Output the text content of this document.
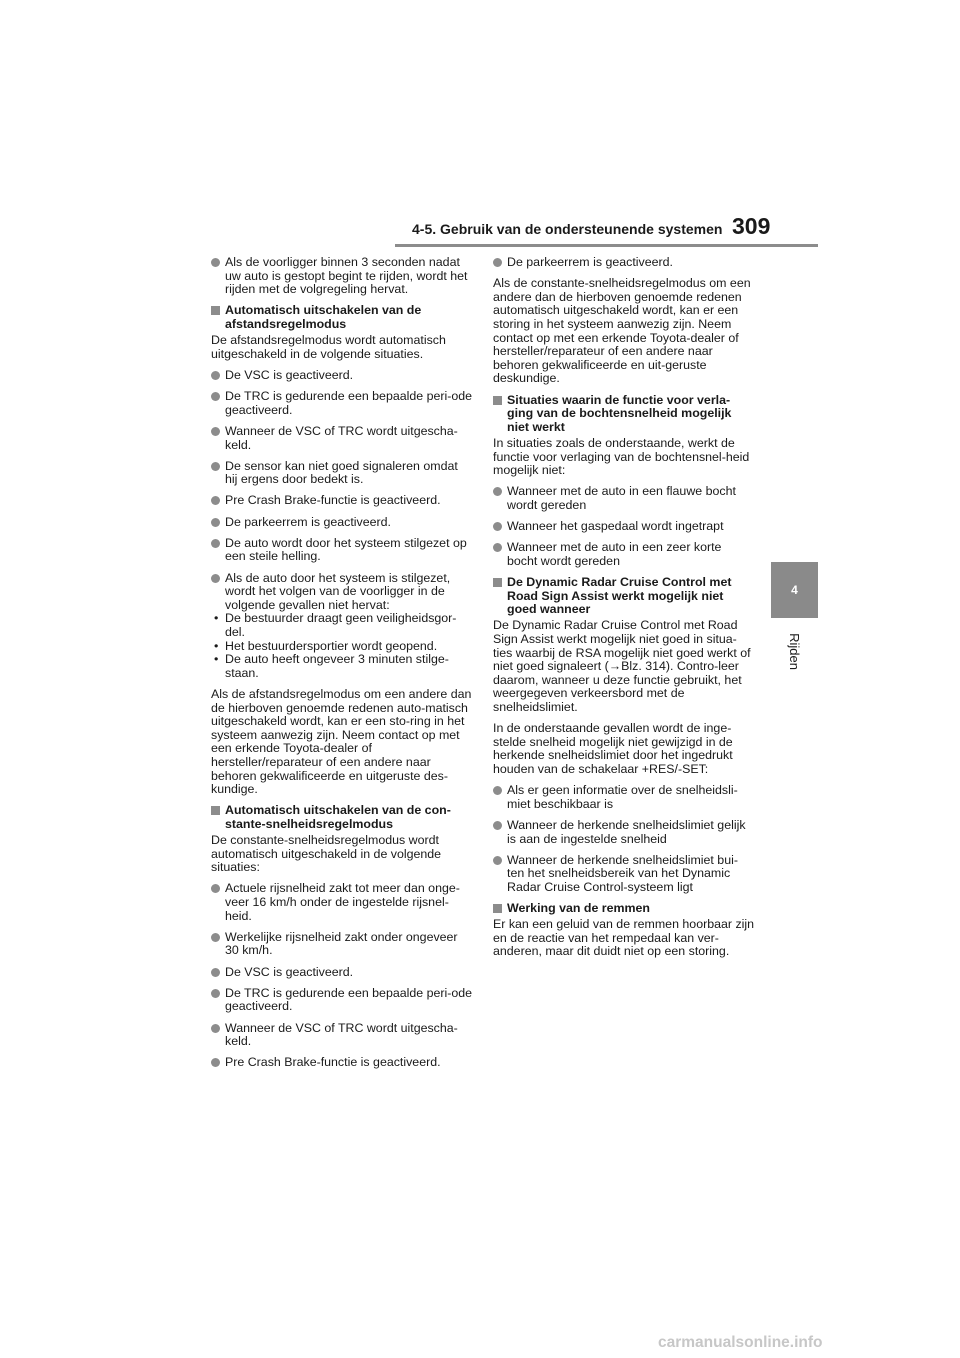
4-5. Gebruik van de ondersteunende systemen 309
4
Rijden
Als de voorligger binnen 3 seconden nadat uw auto is gestopt begint te rijden, wordt het rijden met de volgregeling hervat.
Automatisch uitschakelen van de afstandsregelmodus
De afstandsregelmodus wordt automatisch uitgeschakeld in de volgende situaties.
De VSC is geactiveerd.
De TRC is gedurende een bepaalde peri-ode geactiveerd.
Wanneer de VSC of TRC wordt uitgescha-keld.
De sensor kan niet goed signaleren omdat hij ergens door bedekt is.
Pre Crash Brake-functie is geactiveerd.
De parkeerrem is geactiveerd.
De auto wordt door het systeem stilgezet op een steile helling.
Als de auto door het systeem is stilgezet, wordt het volgen van de voorligger in de volgende gevallen niet hervat:
• De bestuurder draagt geen veiligheidsgor-del.
• Het bestuurdersportier wordt geopend.
• De auto heeft ongeveer 3 minuten stilge-staan.
Als de afstandsregelmodus om een andere dan de hierboven genoemde redenen auto-matisch uitgeschakeld wordt, kan er een sto-ring in het systeem aanwezig zijn. Neem contact op met een erkende Toyota-dealer of hersteller/reparateur of een andere naar behoren gekwalificeerde en uitgeruste des-kundige.
Automatisch uitschakelen van de con-stante-snelheidsregelmodus
De constante-snelheidsregelmodus wordt automatisch uitgeschakeld in de volgende situaties:
Actuele rijsnelheid zakt tot meer dan onge-veer 16 km/h onder de ingestelde rijsnel-heid.
Werkelijke rijsnelheid zakt onder ongeveer 30 km/h.
De VSC is geactiveerd.
De TRC is gedurende een bepaalde peri-ode geactiveerd.
Wanneer de VSC of TRC wordt uitgescha-keld.
Pre Crash Brake-functie is geactiveerd.
De parkeerrem is geactiveerd.
Als de constante-snelheidsregelmodus om een andere dan de hierboven genoemde redenen automatisch uitgeschakeld wordt, kan er een storing in het systeem aanwezig zijn. Neem contact op met een erkende Toyota-dealer of hersteller/reparateur of een andere naar behoren gekwalificeerde en uit-geruste deskundige.
Situaties waarin de functie voor verla-ging van de bochtensnelheid mogelijk niet werkt
In situaties zoals de onderstaande, werkt de functie voor verlaging van de bochtensnel-heid mogelijk niet:
Wanneer met de auto in een flauwe bocht wordt gereden
Wanneer het gaspedaal wordt ingetrapt
Wanneer met de auto in een zeer korte bocht wordt gereden
De Dynamic Radar Cruise Control met Road Sign Assist werkt mogelijk niet goed wanneer
De Dynamic Radar Cruise Control met Road Sign Assist werkt mogelijk niet goed in situa-ties waarbij de RSA mogelijk niet goed werkt of niet goed signaleert (→Blz. 314). Contro-leer daarom, wanneer u deze functie gebruikt, het weergegeven verkeersbord met de snelheidslimiet.
In de onderstaande gevallen wordt de inge-stelde snelheid mogelijk niet gewijzigd in de herkende snelheidslimiet door het ingedrukt houden van de schakelaar +RES/-SET:
Als er geen informatie over de snelheidsli-miet beschikbaar is
Wanneer de herkende snelheidslimiet gelijk is aan de ingestelde snelheid
Wanneer de herkende snelheidslimiet bui-ten het snelheidsbereik van het Dynamic Radar Cruise Control-systeem ligt
Werking van de remmen
Er kan een geluid van de remmen hoorbaar zijn en de reactie van het rempedaal kan ver-anderen, maar dit duidt niet op een storing.
carmanualsonline.info
